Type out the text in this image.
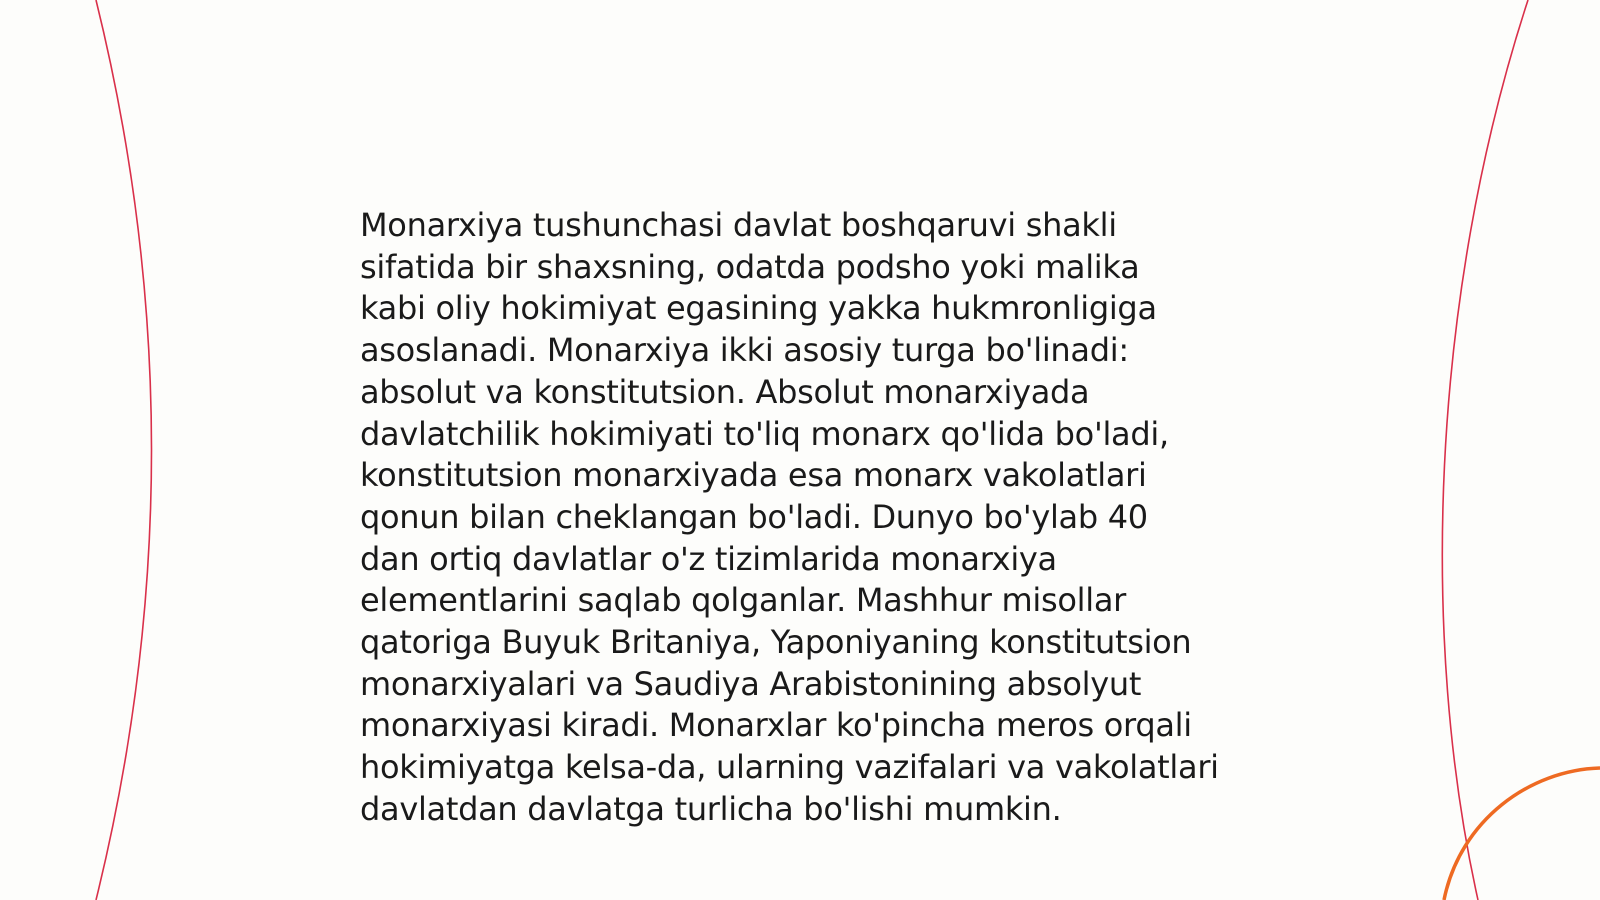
Monarxiya tushunchasi davlat boshqaruvi shakli
sifatida bir shaxsning, odatda podsho yoki malika
kabi oliy hokimiyat egasining yakka hukmronligiga
asoslanadi. Monarxiya ikki asosiy turga bo'linadi:
absolut va konstitutsion. Absolut monarxiyada
davlatchilik hokimiyati to'liq monarx qo'lida bo'ladi,
konstitutsion monarxiyada esa monarx vakolatlari
qonun bilan cheklangan bo'ladi. Dunyo bo'ylab 40
dan ortiq davlatlar o'z tizimlarida monarxiya
elementlarini saqlab qolganlar. Mashhur misollar
qatoriga Buyuk Britaniya, Yaponiyaning konstitutsion
monarxiyalari va Saudiya Arabistonining absolyut
monarxiyasi kiradi. Monarxlar ko'pincha meros orqali
hokimiyatga kelsa-da, ularning vazifalari va vakolatlari
davlatdan davlatga turlicha bo'lishi mumkin.
